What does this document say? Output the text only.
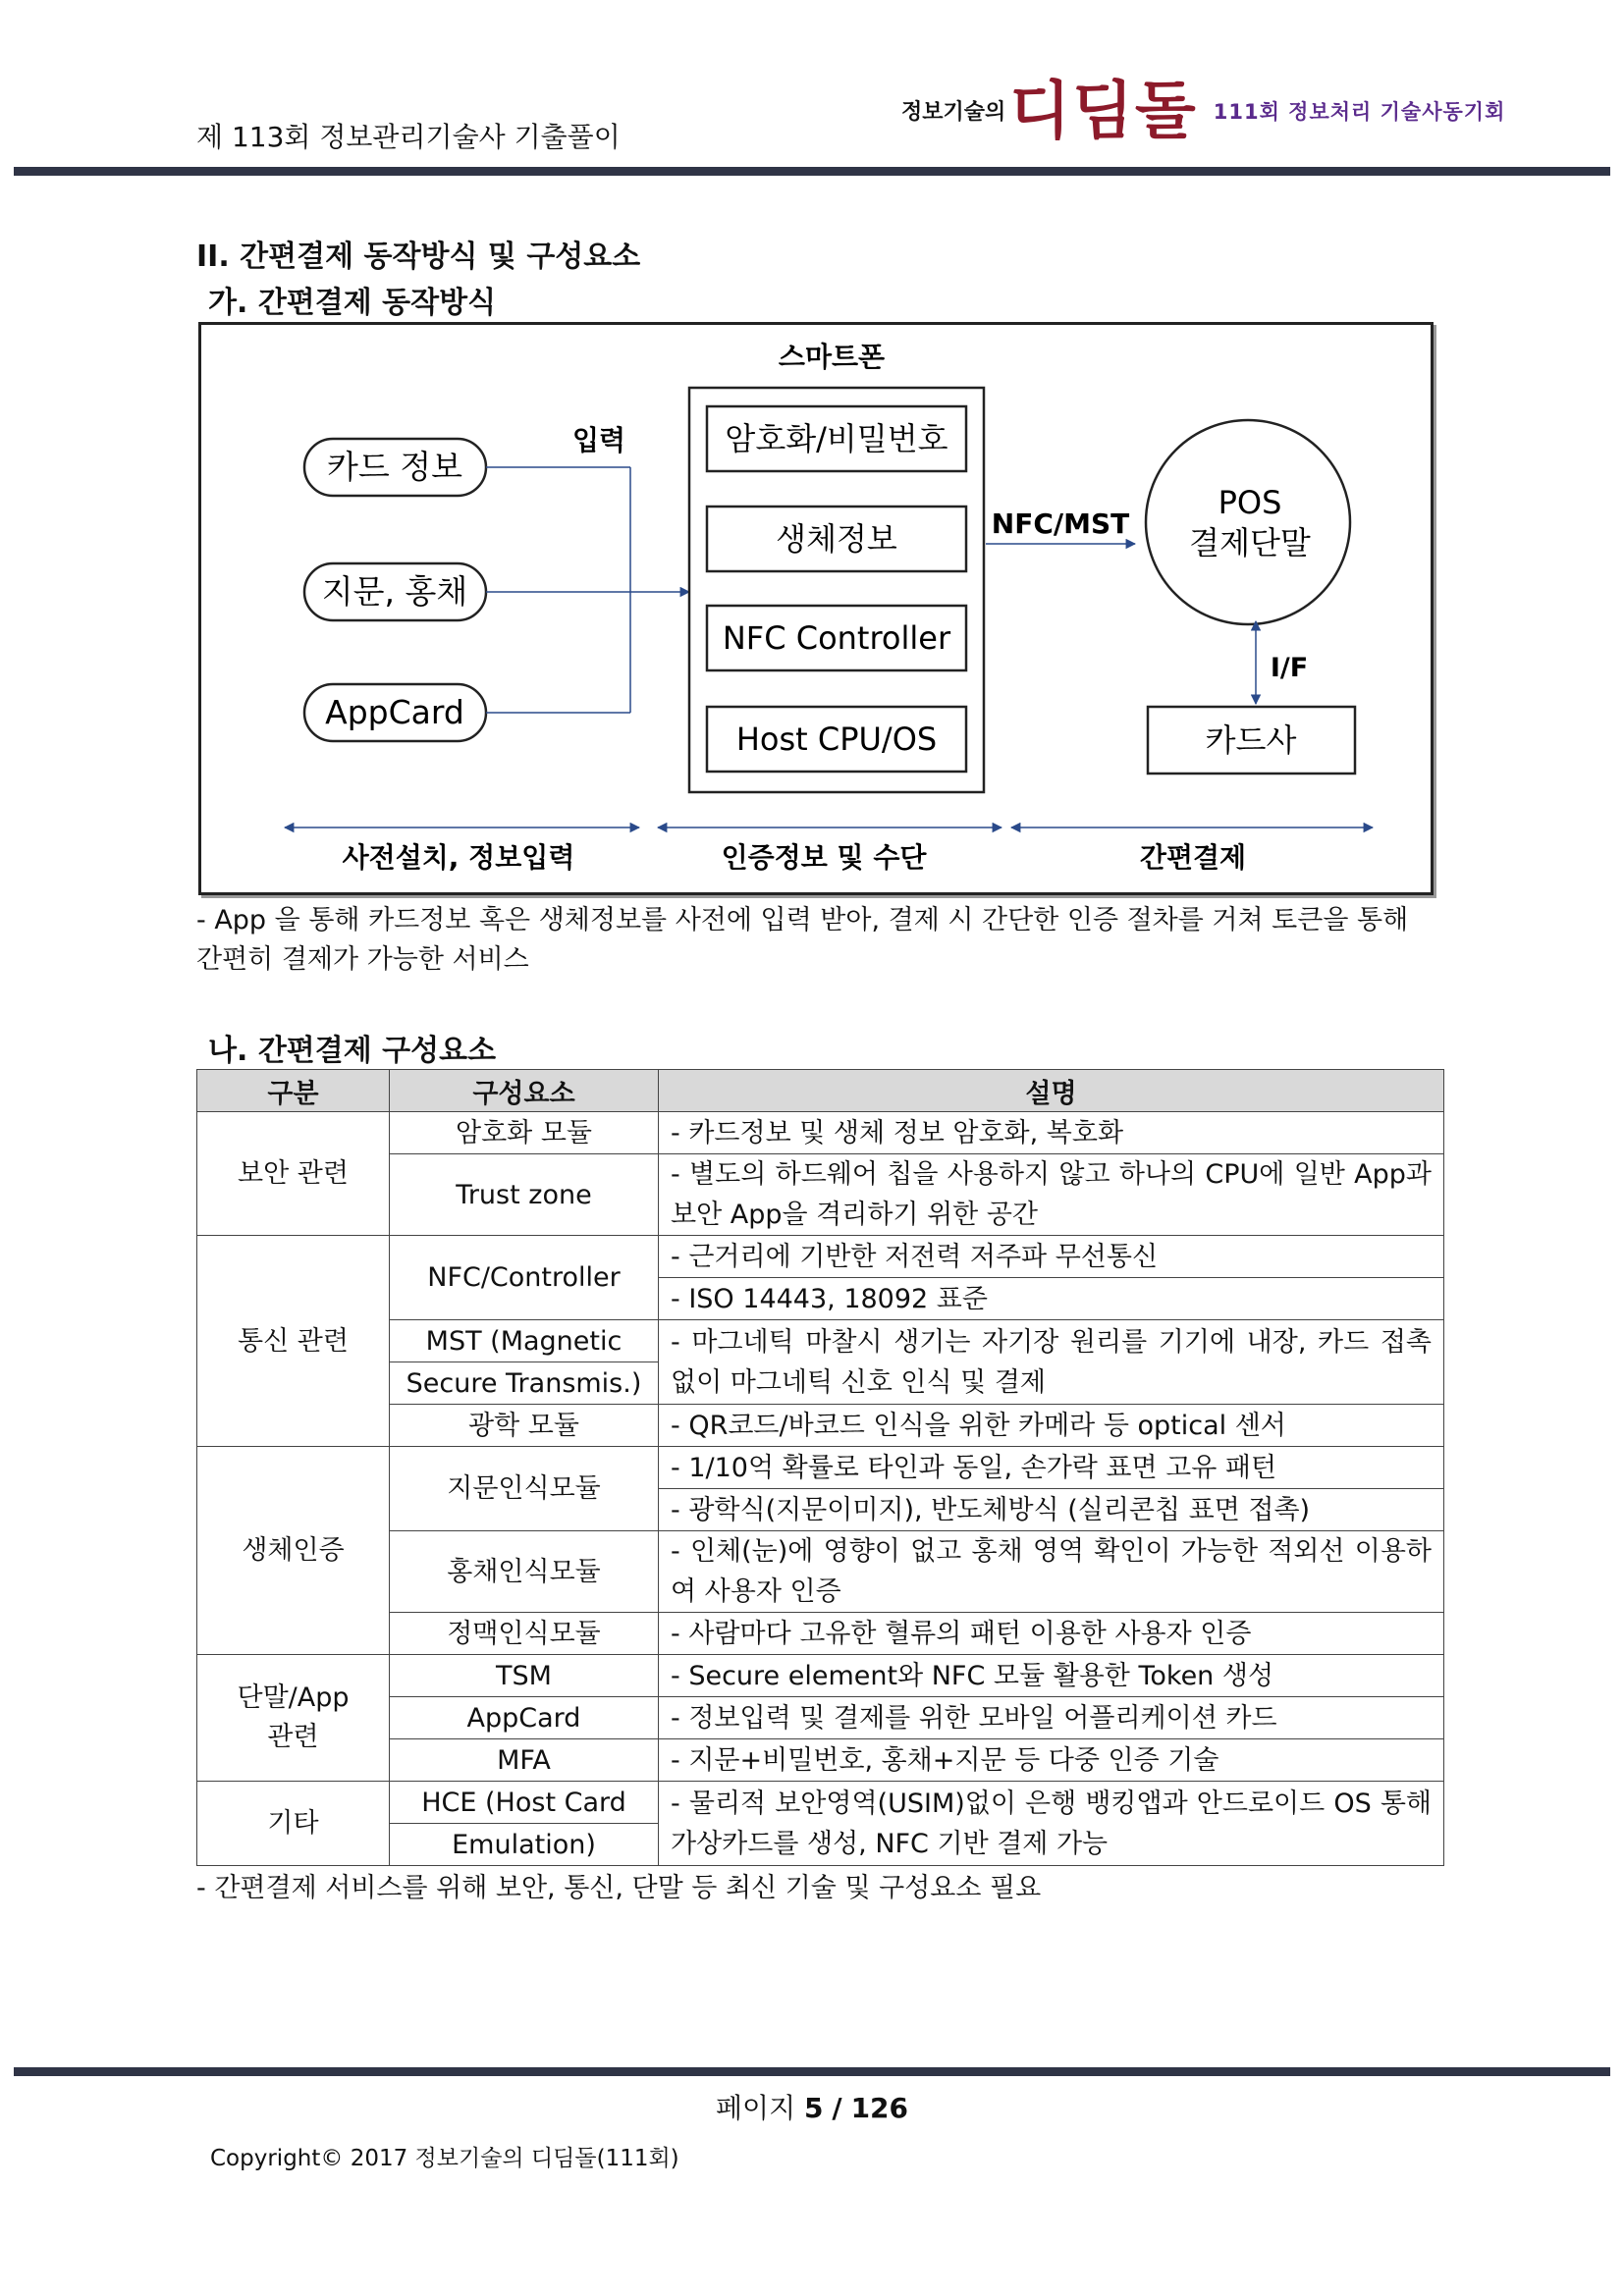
제 113회 정보관리기술사 기출풀이
정보기술의 디딤돌 111회 정보처리 기술사동기회
II. 간편결제 동작방식 및 구성요소
가. 간편결제 동작방식
카드 정보
지문, 홍채
AppCard
입력
스마트폰
암호화/비밀번호
생체정보
NFC Controller
Host CPU/OS
NFC/MST
POS
결제단말
I/F
카드사
사전설치, 정보입력	인증정보 및 수단	간편결제
- App 을 통해 카드정보 혹은 생체정보를 사전에 입력 받아, 결제 시 간단한 인증 절차를 거쳐 토큰을 통해 간편히 결제가 가능한 서비스
나. 간편결제 구성요소
구분	구성요소	설명
보안 관련	암호화 모듈	- 카드정보 및 생체 정보 암호화, 복호화
	Trust zone	- 별도의 하드웨어 칩을 사용하지 않고 하나의 CPU에 일반 App과 보안 App을 격리하기 위한 공간

통신 관련	NFC/Controller	- 근거리에 기반한 저전력 저주파 무선통신
		- ISO 14443, 18092 표준
	MST (Magnetic	- 마그네틱 마찰시 생기는 자기장 원리를 기기에 내장, 카드 접촉 없이 마그네틱 신호 인식 및 결제
	Secure Transmis.)	
	광학 모듈	- QR코드/바코드 인식을 위한 카메라 등 optical 센서
생체인증	지문인식모듈	- 1/10억 확률로 타인과 동일, 손가락 표면 고유 패턴
		- 광학식(지문이미지), 반도체방식 (실리콘칩 표면 접촉)
	홍채인식모듈	- 인체(눈)에 영향이 없고 홍채 영역 확인이 가능한 적외선 이용하여 사용자 인증

	정맥인식모듈	- 사람마다 고유한 혈류의 패턴 이용한 사용자 인증
단말/App
관련	TSM	- Secure element와 NFC 모듈 활용한 Token 생성
	AppCard	- 정보입력 및 결제를 위한 모바일 어플리케이션 카드
	MFA	- 지문+비밀번호, 홍채+지문 등 다중 인증 기술
기타	HCE (Host Card	- 물리적 보안영역(USIM)없이 은행 뱅킹앱과 안드로이드 OS 통해 가상카드를 생성, NFC 기반 결제 가능
	Emulation)	
- 간편결제 서비스를 위해 보안, 통신, 단말 등 최신 기술 및 구성요소 필요
페이지 5 / 126
Copyright© 2017 정보기술의 디딤돌(111회)
